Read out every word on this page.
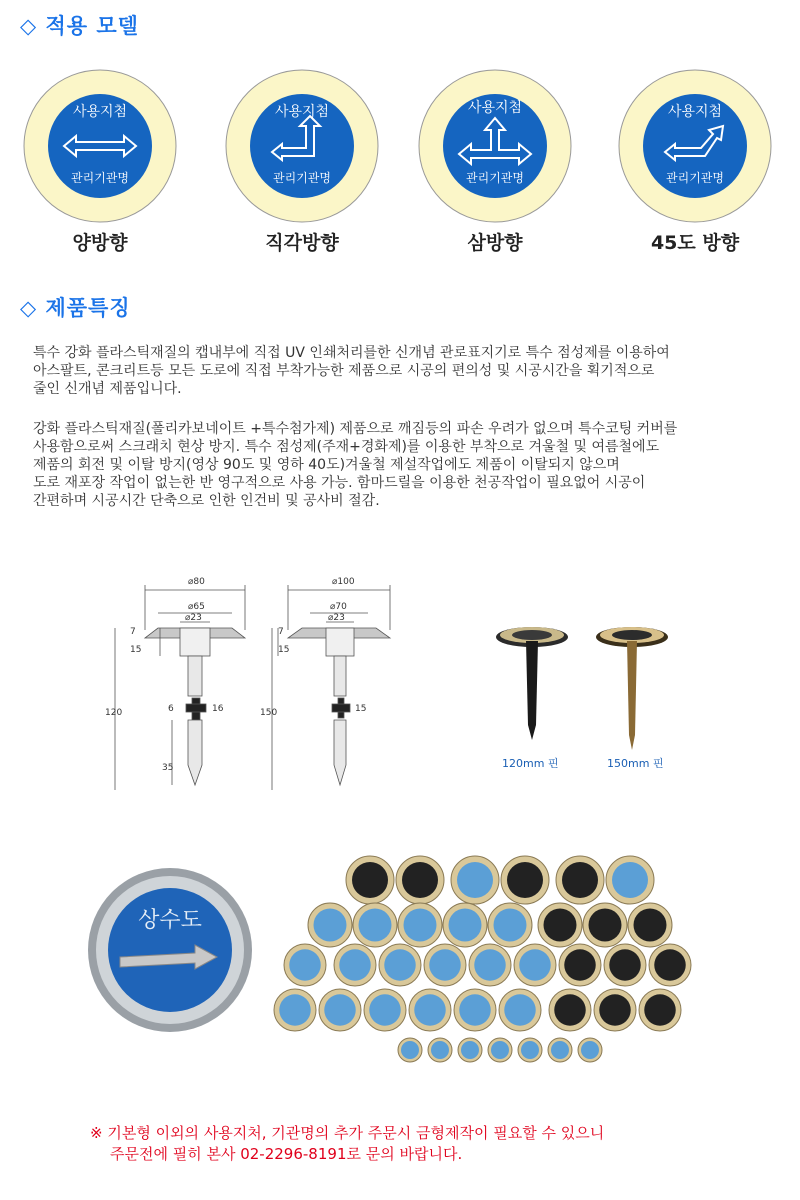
◇ 적용 모델
사용지첨
관리기관명
양방향
사용지첨
관리기관명
직각방향
사용지첨
관리기관명
삼방향
사용지첨
관리기관명
45도 방향
◇ 제품특징
특수 강화 플라스틱재질의 캡내부에 직접 UV 인쇄처리를한 신개념 관로표지기로 특수 점성제를 이용하여
아스팔트, 콘크리트등 모든 도로에 직접 부착가능한 제품으로 시공의 편의성 및 시공시간을 획기적으로
줄인 신개념 제품입니다.
강화 플라스틱재질(폴리카보네이트 +특수첨가제) 제품으로 깨짐등의 파손 우려가 없으며 특수코팅 커버를
사용함으로써 스크래치 현상 방지. 특수 점성제(주재+경화제)를 이용한 부착으로 겨울철 및 여름철에도
제품의 회전 및 이탈 방지(영상 90도 및 영하 40도)겨울철 제설작업에도 제품이 이탈되지 않으며
도로 재포장 작업이 없는한 반 영구적으로 사용 가능. 함마드릴을 이용한 천공작업이 필요없어 시공이
간편하며 시공시간 단축으로 인한 인건비 및 공사비 절감.
⌀80
⌀65
⌀23
7
15
120	6	16
35
⌀100
⌀70
⌀23
7
15
150	15
120mm 핀	150mm 핀
상수도
※ 기본형 이외의 사용지처, 기관명의 추가 주문시 금형제작이 필요할 수 있으니
주문전에 필히 본사 02-2296-8191로 문의 바랍니다.
